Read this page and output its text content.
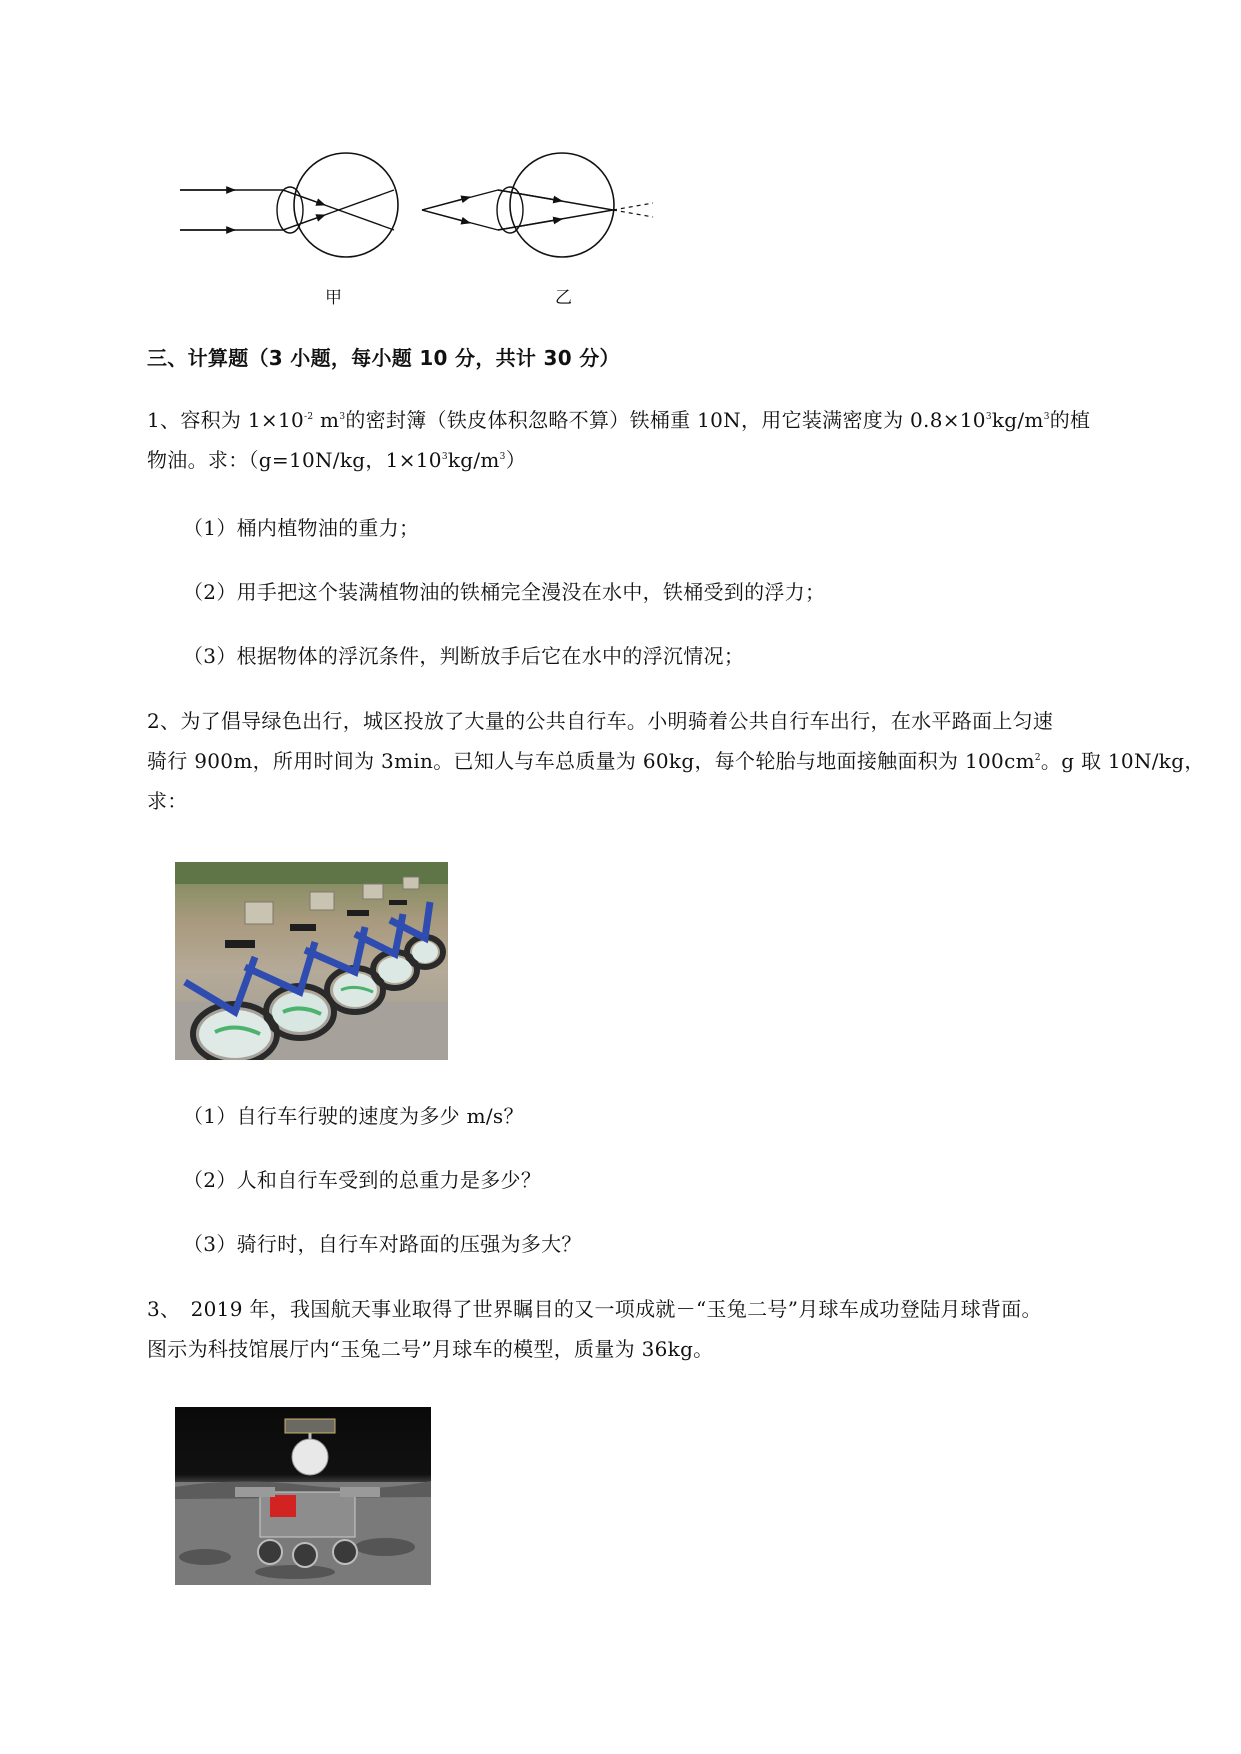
甲	乙
三、计算题（3 小题，每小题 10 分，共计 30 分）
1、容积为 $1\times 10^{-2}$ $m^3$的密封簿（铁皮体积忽略不算）铁桶重 10N，用它装满密度为 $0.8\times 10^3kg/m^3$的植
物油。求：（g=10N/kg，$1\times 10^3kg/m^3$）
（1）桶内植物油的重力；
（2）用手把这个装满植物油的铁桶完全漫没在水中，铁桶受到的浮力；
（3）根据物体的浮沉条件，判断放手后它在水中的浮沉情况；
2、为了倡导绿色出行，城区投放了大量的公共自行车。小明骑着公共自行车出行，在水平路面上匀速
骑行 900m，所用时间为 3min。已知人与车总质量为 60kg，每个轮胎与地面接触面积为 $100cm^2$。g 取 10N/kg，
求：
（1）自行车行驶的速度为多少 m/s？
（2）人和自行车受到的总重力是多少？
（3）骑行时，自行车对路面的压强为多大？
3、　2019 年，我国航天事业取得了世界瞩目的又一项成就－“玉兔二号”月球车成功登陆月球背面。
图示为科技馆展厅内“玉兔二号”月球车的模型，质量为 36kg。
